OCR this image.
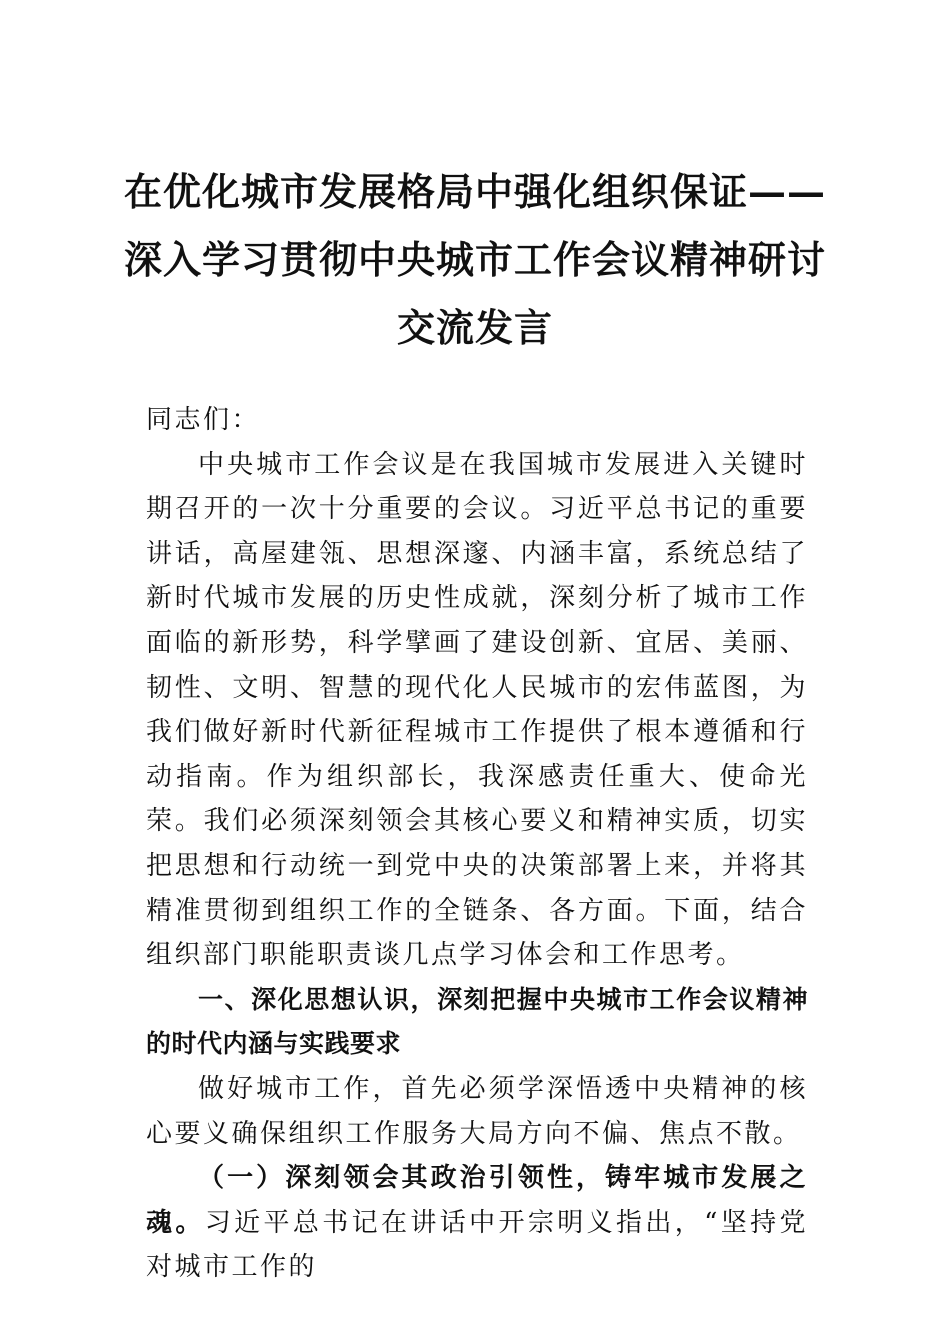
在优化城市发展格局中强化组织保证——
深入学习贯彻中央城市工作会议精神研讨
交流发言

同志们：

中央城市工作会议是在我国城市发展进入关键时期召开的一次十分重要的会议。习近平总书记的重要讲话，高屋建瓴、思想深邃、内涵丰富，系统总结了新时代城市发展的历史性成就，深刻分析了城市工作面临的新形势，科学擘画了建设创新、宜居、美丽、韧性、文明、智慧的现代化人民城市的宏伟蓝图，为我们做好新时代新征程城市工作提供了根本遵循和行动指南。作为组织部长，我深感责任重大、使命光荣。我们必须深刻领会其核心要义和精神实质，切实把思想和行动统一到党中央的决策部署上来，并将其精准贯彻到组织工作的全链条、各方面。下面，结合组织部门职能职责谈几点学习体会和工作思考。

一、深化思想认识，深刻把握中央城市工作会议精神的时代内涵与实践要求

做好城市工作，首先必须学深悟透中央精神的核心要义确保组织工作服务大局方向不偏、焦点不散。

（一）深刻领会其政治引领性，铸牢城市发展之魂。习近平总书记在讲话中开宗明义指出，“坚持党对城市工作的
